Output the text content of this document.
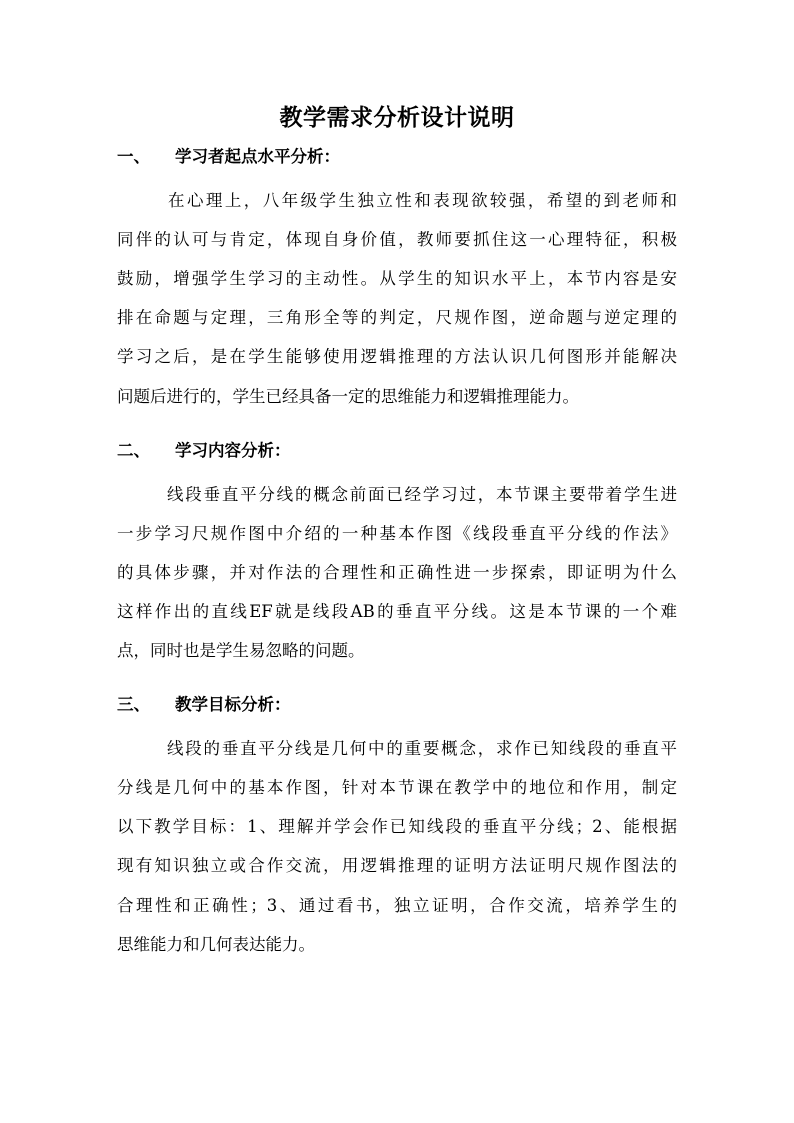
教学需求分析设计说明
一、 学习者起点水平分析：
在心理上，八年级学生独立性和表现欲较强，希望的到老师和
同伴的认可与肯定，体现自身价值，教师要抓住这一心理特征，积极
鼓励，增强学生学习的主动性。从学生的知识水平上，本节内容是安
排在命题与定理，三角形全等的判定，尺规作图，逆命题与逆定理的
学习之后，是在学生能够使用逻辑推理的方法认识几何图形并能解决
问题后进行的，学生已经具备一定的思维能力和逻辑推理能力。
二、 学习内容分析：
线段垂直平分线的概念前面已经学习过，本节课主要带着学生进
一步学习尺规作图中介绍的一种基本作图《线段垂直平分线的作法》
的具体步骤，并对作法的合理性和正确性进一步探索，即证明为什么
这样作出的直线EF就是线段AB的垂直平分线。这是本节课的一个难
点，同时也是学生易忽略的问题。
三、 教学目标分析：
线段的垂直平分线是几何中的重要概念，求作已知线段的垂直平
分线是几何中的基本作图，针对本节课在教学中的地位和作用，制定
以下教学目标：1、理解并学会作已知线段的垂直平分线；2、能根据
现有知识独立或合作交流，用逻辑推理的证明方法证明尺规作图法的
合理性和正确性；3、通过看书，独立证明，合作交流，培养学生的
思维能力和几何表达能力。
